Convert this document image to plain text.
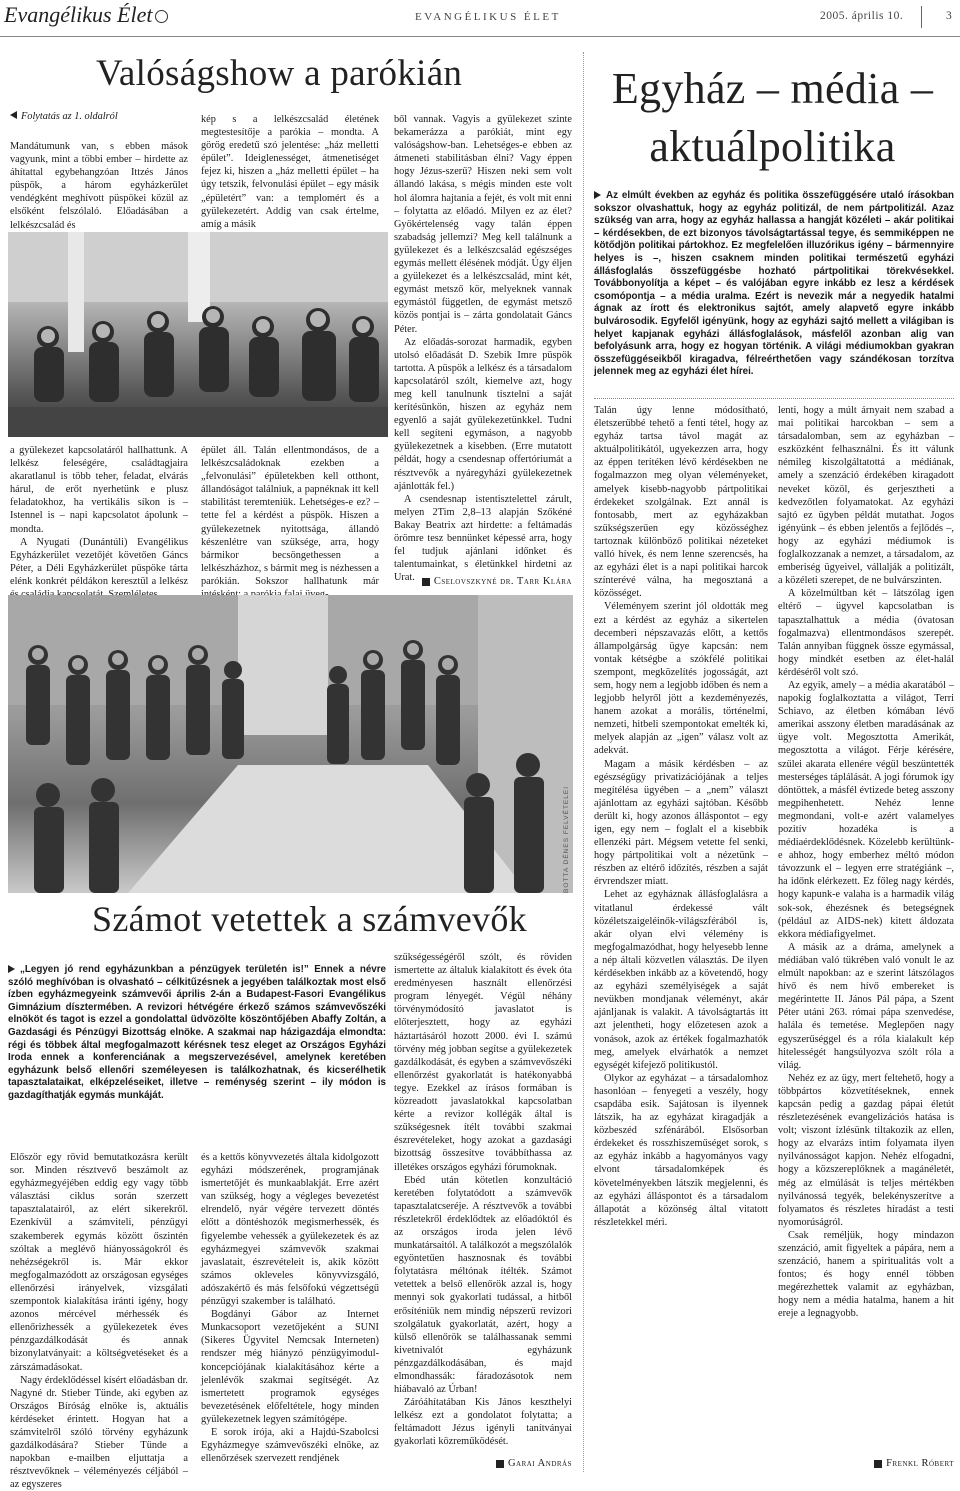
Evangélikus Élet	EVANGÉLIKUS ÉLET	2005. április 10.	3
Valóságshow a parókián
Folytatás az 1. oldalról

Mandátumunk van, s ebben mások vagyunk, mint a többi ember – hirdette az áhítattal egybehangzóan Ittzés János püspök, a három egyházkerület vendégként meghívott püspökei közül az elsőként felszólaló. Előadásában a lelkészcsalád és

kép s a lelkészcsalád életének megtestesítője a parókia – mondta. A görög eredetű szó jelentése: „ház melletti épület”. Ideiglenességet, átmenetiséget fejez ki, hiszen a „ház melletti épület – ha úgy tetszik, felvonulási épület – egy másik „épületért” van: a templomért és a gyülekezetért. Addig van csak értelme, amíg a másik

ből vannak. Vagyis a gyülekezet szinte bekamerázza a parókiát, mint egy valóságshow-ban. Lehetséges-e ebben az átmeneti stabilitásban élni? Vagy éppen hogy Jézus-szerű? Hiszen neki sem volt állandó lakása, s mégis minden este volt hol álomra hajtania a fejét, és volt mit enni – folytatta az előadó. Milyen ez az élet? Gyökértelenség vagy talán éppen szabadság jellemzi? Meg kell találnunk a gyülekezet és a lelkészcsalád egészséges egymás mellett élésének módját. Úgy éljen a gyülekezet és a lelkészcsalád, mint két, egymást metsző kör, melyeknek vannak egymástól független, de egymást metsző közös pontjai is – zárta gondolatait Gáncs Péter.

Az előadás-sorozat harmadik, egyben utolsó előadását D. Szebik Imre püspök tartotta. A püspök a lelkész és a társadalom kapcsolatáról szólt, kiemelve azt, hogy meg kell tanulnunk tisztelni a saját kerítésünkön, hiszen az egyház nem egyenlő a saját gyülekezetünkkel. Tudni kell segíteni egymáson, a nagyobb gyülekezetnek a kisebben. (Erre mutatott példát, hogy a csendesnap offertóriumát a résztvevők a nyáregyházi gyülekezetnek ajánlották fel.)

A csendesnap istentisztelettel zárult, melyen 2Tim 2,8–13 alapján Szőkéné Bakay Beatrix azt hirdette: a feltámadás örömre tesz bennünket képessé arra, hogy fel tudjuk ajánlani időnket és talentumainkat, s életünkkel hirdetni az Urat.	Cselovszkyné dr. Tarr Klára

a gyülekezet kapcsolatáról hallhattunk. A lelkész feleségére, családtagjaira akaratlanul is több teher, feladat, elvárás hárul, de erőt nyerhetünk e plusz feladatokhoz, ha vertikális síkon is – Istennel is – napi kapcsolatot ápolunk – mondta.

A Nyugati (Dunántúli) Evangélikus Egyházkerület vezetőjét követően Gáncs Péter, a Déli Egyházkerület püspöke tárta elénk konkrét példákon keresztül a lelkész

épület áll. Talán ellentmondásos, de a lelkészcsaládoknak ezekben a „felvonulási” épületekben kell otthont, állandóságot találniuk, a papnéknak itt kell stabilitást teremteniük. Lehetséges-e ez? – tette fel a kérdést a püspök. Hiszen a gyülekezetnek nyitottsága, állandó készenlétre van szüksége, arra, hogy bármikor becsöngethessen a lelkészházhoz, s bármit meg is nézhessen a parókián. Sokszor hallhatunk már

BOTTA DÉNES FELVÉTELEI
Számot vetettek a számvevők
„Legyen jó rend egyházunkban a pénzügyek területén is!” Ennek a névre szóló meghívóban is olvasható – célkitűzésnek a jegyében találkoztak most első ízben egyházmegyeink számvevői április 2-án a Budapest-Fasori Evangélikus Gimnázium dísztermében. A revizori hétvégére érkező számos számvevőszéki elnököt és tagot is ezzel a gondolattal üdvözölte köszöntőjében Abaffy Zoltán, a Gazdasági és Pénzügyi Bizottság elnöke. A szakmai nap házigazdája elmondta: régi és többek által megfogalmazott kérésnek tesz eleget az Országos Egyházi Iroda ennek a konferenciának a megszervezésével, amelynek keretében egyházunk belső ellenőri személeyesen is találkozhatnak, és kicserélhetik tapasztalataikat, elképzeléseiket, illetve – reménység szerint – ily módon is gazdagíthatják egymás munkáját.

Először egy rövid bemutatkozásra került sor. Minden résztvevő beszámolt az egyházmegyéjében eddig egy vagy több választási ciklus során szerzett tapasztalatairól, az elért sikerekről. Ezenkívül a számviteli, pénzügyi szakemberek egymás között őszintén szóltak a meglévő hiányosságokról és nehézségekről is. Már ekkor megfogalmazódott az országosan egységes ellenőrzési irányelvek, vizsgálati szempontok kialakítása iránti igény, hogy azonos mércével mérhessék és ellenőrizhessék a gyülekezetek éves pénzgazdálkodását és annak bizonylatványait: a költségvetéseket és a zárszámadásokat.

Nagy érdeklődéssel kísért előadásban dr. Nagyné dr. Stieber Tünde, aki egyben az Országos Bíróság elnöke is, aktuális kérdéseket érintett. Hogyan hat a számvitelről szóló törvény egyházunk gazdálkodására? Stieber Tünde a napokban e-mailben eljuttatja a résztvevőknek – véleményezés céljából – az egyszeres

és a kettős könyvvezetés általa kidolgozott egyházi módszerének, programjának ismertetőjét és munkaablakját. Erre azért van szükség, hogy a végleges bevezetést elrendelő, nyár végére tervezett döntés előtt a döntéshozók megismerhessék, és figyelembe vehessék a gyülekezetek és az egyházmegyei számvevők szakmai javaslatait, észrevételeit is, akik között számos okleveles könyvvizsgáló, adószakértő és más felsőfokú végzettségű pénzügyi szakember is található.

Bogdányi Gábor az Internet Munkacsoport vezetőjeként a SUNI (Sikeres Ügyvitel Nemcsak Interneten) rendszer még hiányzó pénzügyimodul-koncepciójának kialakításához kérte a jelenlévők szakmai segítségét. Az ismertetett programok egységes bevezetésének előfeltétele, hogy minden gyülekezetnek legyen számítógépe.

E sorok írója, aki a Hajdú-Szabolcsi Egyházmegye számvevőszéki elnöke, az ellenőrzések szervezett rendjének

szükségességéről szólt, és röviden ismertette az általuk kialakított és évek óta eredményesen használt ellenőrzési program lényegét. Végül néhány törvénymódosító javaslatot is előterjesztett, hogy az egyházi háztartásáról hozott 2000. évi I. számú törvény még jobban segítse a gyülekezetek gazdálkodását, és egyben a számvevőszéki ellenőrzést gyakorlatát is hatékonyabbá tegye. Ezekkel az írásos formában is közreadott javaslatokkal kapcsolatban kérte a revizor kollégák által is szükségesnek ítélt további szakmai észrevételeket, hogy azokat a gazdasági bizottság összesítve továbbíthassa az illetékes országos egyházi fórumoknak.

Ebéd után kötetlen konzultáció keretében folytatódott a számvevők tapasztalatcseréje. A résztvevők a további részletekről érdeklődtek az előadóktól és az országos iroda jelen lévő munkatársaitól. A találkozót a megszólalók egyöntetűen hasznosnak és további folytatásra méltónak ítélték. Számot vetettek a belső ellenőrök azzal is, hogy mennyi sok gyakorlati tudással, a hitből erősíténiük nem mindig népszerű revizori szolgálatuk gyakorlatát, azért, hogy a külső ellenőrök se találhassanak semmi kivetnivalót egyházunk pénzgazdálkodásában, és majd elmondhassák: fáradozásotok nem hiábavaló az Úrban!

Záróáhítatában Kis János keszthelyi lelkész ezt a gondolatot folytatta; a feltámadott Jézus igényli tanítványai gyakorlati közreműködését.

Garai András
Egyház – média – aktuálpolitika
Az elmúlt években az egyház és politika összefüggésére utaló írásokban sokszor olvashattuk, hogy az egyház politizál, de nem pártpolitizál. Azaz szükség van arra, hogy az egyház hallassa a hangját közéleti – akár politikai – kérdésekben, de ezt bizonyos távolságtartással tegye, és semmiképpen ne kötődjön politikai pártokhoz. Ez megfelelően illuzórikus igény – bármennyire helyes is –, hiszen csaknem minden politikai természetű egyházi állásfoglalás összefüggésbe hozható pártpolitikai törekvésekkel. Továbbonyolítja a képet – és valójában egyre inkább ez lesz a kérdések csomópontja – a média uralma. Ezért is nevezik már a negyedik hatalmi ágnak az írott és elektronikus sajtót, amely alapvető egyre inkább bulvárosodik. Egyfelől igényünk, hogy az egyházi sajtó mellett a világiban is helyet kapjanak egyházi állásfoglalások, másfelől azonban alig van befolyásunk arra, hogy ez hogyan történik. A világi médiumokban gyakran összefüggéseikből kiragadva, félreérthetően vagy szándékosan torzítva jelennek meg az egyházi élet hírei.

Talán úgy lenne módosítható, életszerűbbé tehető a fenti tétel, hogy az egyház tartsa távol magát az aktuálpolitikától, ugyekezzen arra, hogy az éppen terítéken lévő kérdésekben ne fogalmazzon meg olyan véleményeket, amelyek kisebb-nagyobb pártpolitikai érdekeket szolgálnak. Ezt annál is fontosabb, mert az egyházakban szükségszerűen egy közösséghez tartoznak különböző politikai nézeteket valló hívek, és nem lenne szerencsés, ha az egyházi élet is a napi politikai harcok színterévé válna, ha megosztaná a közösséget.

Véleményem szerint jól oldották meg ezt a kérdést az egyház a sikertelen decemberi népszavazás előtt, a kettős állampolgárság ügye kapcsán: nem vontak kétségbe a szókfélé politikai szempont, megközelítés jogosságát, azt sem, hogy nem a legjobb időben és nem a legjobb helyről jött a kezdeményezés, hanem azokat a morális, történelmi, nemzeti, hitbeli szempontokat emelték ki, melyek alapján az „igen” válasz volt az adekvát.

Magam a másik kérdésben – az egészségügy privatizációjának a teljes megítélésa ügyében – a „nem” választ ajánlottam az egyházi sajtóban. Később derült ki, hogy azonos álláspontot – egy igen, egy nem – foglalt el a kisebbik ellenzéki párt. Mégsem vetette fel senki, hogy pártpolitikai volt a nézetünk – részben az eltérő időzítés, részben a saját érvrendszer miatt.

Lehet az egyháznak állásfoglalásra a vitatlanul érdekessé vált közéletszaigeléinők-világszférából is, akár olyan elvi vélemény is megfogalmazódhat, hogy helyesebb lenne a nép általi közvetlen választás. De ilyen kérdésekben inkább az a követendő, hogy az egyházi személyiségek a saját nevükben mondjanak véleményt, akár ajánljanak is valakit. A távolságtartás itt azt jelentheti, hogy előzetesen azok a vonások, azok az értékek fogalmazhatók meg, amelyek elvárhatók a nemzet egységét kifejező politikustól.

Olykor az egyházat – a társadalomhoz hasonlóan – fenyegeti a veszély, hogy csapdába esik. Sajátosan is ilyennek látszik, ha az egyházat kiragadják a közbeszéd szfénárából. Elsősorban érdekeket és rosszhiszeműséget sorok, s az egyház inkább a hagyományos vagy elvont társadalomképek és követelményekben látszik megjelenni, és az egyházi álláspontot és a társadalom állapotát a közönség által vitatott részletekkel méri.

lenti, hogy a múlt árnyait nem szabad a mai politikai harcokban – sem a társadalomban, sem az egyházban – eszközként felhasználni. És itt válunk némileg kiszolgáltatottá a médiának, amely a szenzáció érdekében kiragadott neveket közöl, és gerjesztheti a kedvezőtlen folyamatokat. Az egyházi sajtó ez ügyben példát mutathat. Jogos igényünk – és ebben jelentős a fejlődés –, hogy az egyházi médiumok is foglalkozzanak a nemzet, a társadalom, az emberiség ügyeivel, vállalják a politizált, a közéleti szerepet, de ne bulvárszinten.

A közelmúltban két – látszólag igen eltérő – ügyvel kapcsolatban is tapasztalhattuk a média (óvatosan fogalmazva) ellentmondásos szerepét. Talán annyiban függnek össze egymással, hogy mindkét esetben az élet-halál kérdéséről volt szó.

Az egyik, amely – a média akaratából – napokig foglalkoztatta a világot, Terri Schiavo, az életben kómában lévő amerikai asszony életben maradásának az ügye volt. Megosztotta Amerikát, megosztotta a világot. Férje kérésére, szülei akarata ellenére végül beszüntették mesterséges táplálását. A jogi fórumok így döntöttek, a másfél évtizede beteg asszony megpihenhetett. Nehéz lenne megmondani, volt-e azért valamelyes pozitív hozadéka is a médiaérdeklődésnek. Közelebb kerültünk-e ahhoz, hogy emberhez méltó módon távozzunk el – legyen erre stratégiánk –, ha időnk elérkezett. Ez főleg nagy kérdés, hogy kapunk-e valaha is a harmadik világ sok-sok, éhezésnek és betegségnek (például az AIDS-nek) kitett áldozata ekkora médiafigyelmet.

A másik az a dráma, amelynek a médiában való tükrében való vonult le az elmúlt napokban: az e szerint látszólagos hívő és nem hívő embereket is megérintette II. János Pál pápa, a Szent Péter utáni 263. római pápa szenvedése, halála és temetése. Meglepően nagy egyszerűséggel és a róla kialakult kép hitelességét hangsúlyozva szólt róla a világ.

Nehéz ez az ügy, mert feltehető, hogy a többpártos közvetítéseknek, ennek kapcsán pedig a gazdag pápai életút részletezésének evangelizációs hatása is volt; viszont ízlésünk tiltakozik az ellen, hogy az elvarázs intim folyamata ilyen nyilvánosságot kapjon. Nehéz elfogadni, hogy a közszereplőknek a magánéletét, még az elmúlását is teljes mértékben nyilvánossá tegyék, belekényszerítve a folyamatos és részletes híradást a testi nyomorúságról.

Csak reméljük, hogy mindazon szenzáció, amit figyeltek a pápára, nem a szenzáció, hanem a spiritualitás volt a fontos; és hogy ennél többen megérezhettek valamit az egyházban, hogy nem a média hatalma, hanem a hit ereje a legnagyobb.

Frenkl Róbert
